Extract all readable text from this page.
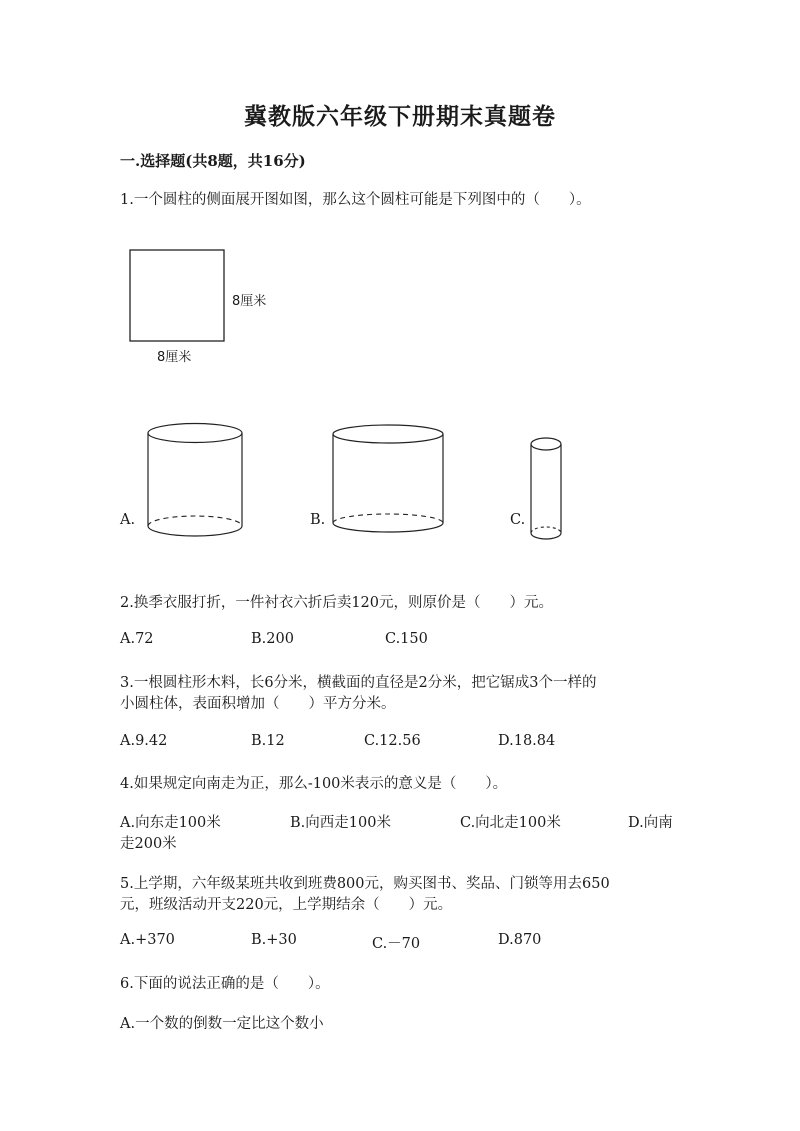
冀教版六年级下册期末真题卷
一.选择题(共8题，共16分)
1.一个圆柱的侧面展开图如图，那么这个圆柱可能是下列图中的（　　）。
8厘米
8厘米
A.	B.	C.
2.换季衣服打折，一件衬衣六折后卖120元，则原价是（　　）元。
A.72	B.200	C.150
3.一根圆柱形木料，长6分米，横截面的直径是2分米，把它锯成3个一样的
小圆柱体，表面积增加（　　）平方分米。
A.9.42	B.12	C.12.56	D.18.84
4.如果规定向南走为正，那么-100米表示的意义是（　　）。
A.向东走100米	B.向西走100米	C.向北走100米	D.向南
走200米
5.上学期，六年级某班共收到班费800元，购买图书、奖品、门锁等用去650
元，班级活动开支220元，上学期结余（　　）元。
A.+370	B.+30	C.－70	D.870
6.下面的说法正确的是（　　）。
A.一个数的倒数一定比这个数小
